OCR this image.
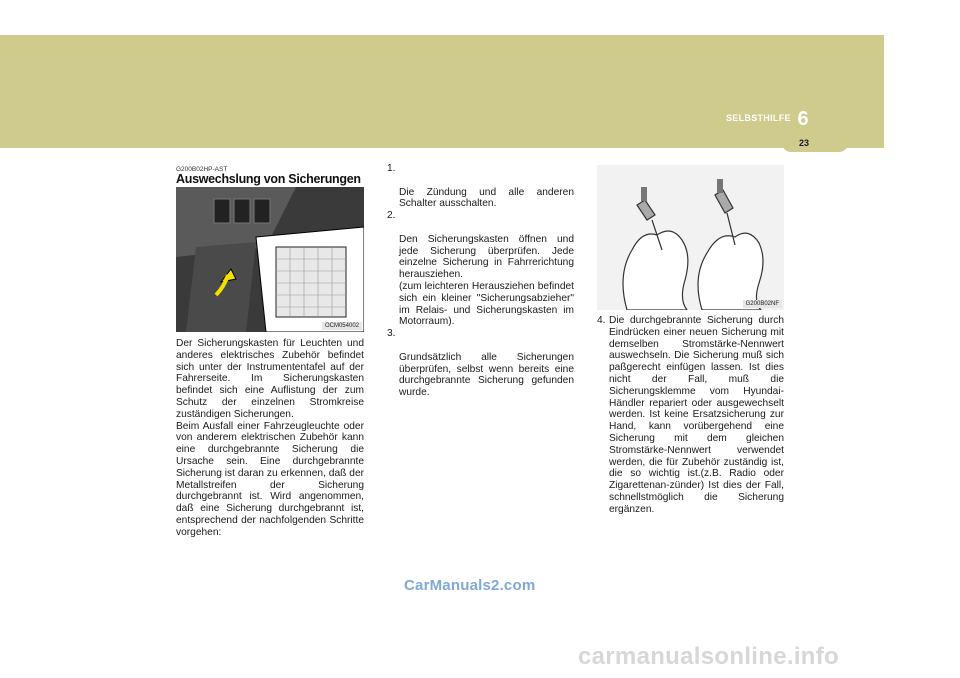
SELBSTHILFE 6
23
G200B02HP-AST
Auswechslung von Sicherungen
OCM054002
Der Sicherungskasten für Leuchten und anderes elektrisches Zubehör befindet sich unter der Instrumententafel auf der Fahrerseite. Im Sicherungskasten befindet sich eine Auflistung der zum Schutz der einzelnen Stromkreise zuständigen Sicherungen.
Beim Ausfall einer Fahrzeugleuchte oder von anderem elektrischen Zubehör kann eine durchgebrannte Sicherung die Ursache sein. Eine durchgebrannte Sicherung ist daran zu erkennen, daß der Metallstreifen der Sicherung durchgebrannt ist. Wird angenommen, daß eine Sicherung durchgebrannt ist, entsprechend der nachfolgenden Schritte vorgehen:

1.

Die Zündung und alle anderen Schalter ausschalten.

2.

Den Sicherungskasten öffnen und jede Sicherung überprüfen. Jede einzelne Sicherung in Fahrrerichtung herausziehen.
(zum leichteren Herausziehen befindet sich ein kleiner "Sicherungsabzieher" im Relais- und Sicherungskasten im Motorraum).

3.

Grundsätzlich alle Sicherungen überprüfen, selbst wenn bereits eine durchgebrannte Sicherung gefunden wurde.

G200B02NF

4. Die durchgebrannte Sicherung durch Eindrücken einer neuen Sicherung mit demselben Stromstärke-Nennwert auswechseln. Die Sicherung muß sich paßgerecht einfügen lassen. Ist dies nicht der Fall, muß die Sicherungsklemme vom Hyundai-Händler repariert oder ausgewechselt werden. Ist keine Ersatzsicherung zur Hand, kann vorübergehend eine Sicherung mit dem gleichen Stromstärke-Nennwert verwendet werden, die für Zubehör zuständig ist, die so wichtig ist.(z.B. Radio oder Zigarettenan-zünder) Ist dies der Fall, schnellstmöglich die Sicherung ergänzen.

CarManuals2.com
carmanualsonline.info
